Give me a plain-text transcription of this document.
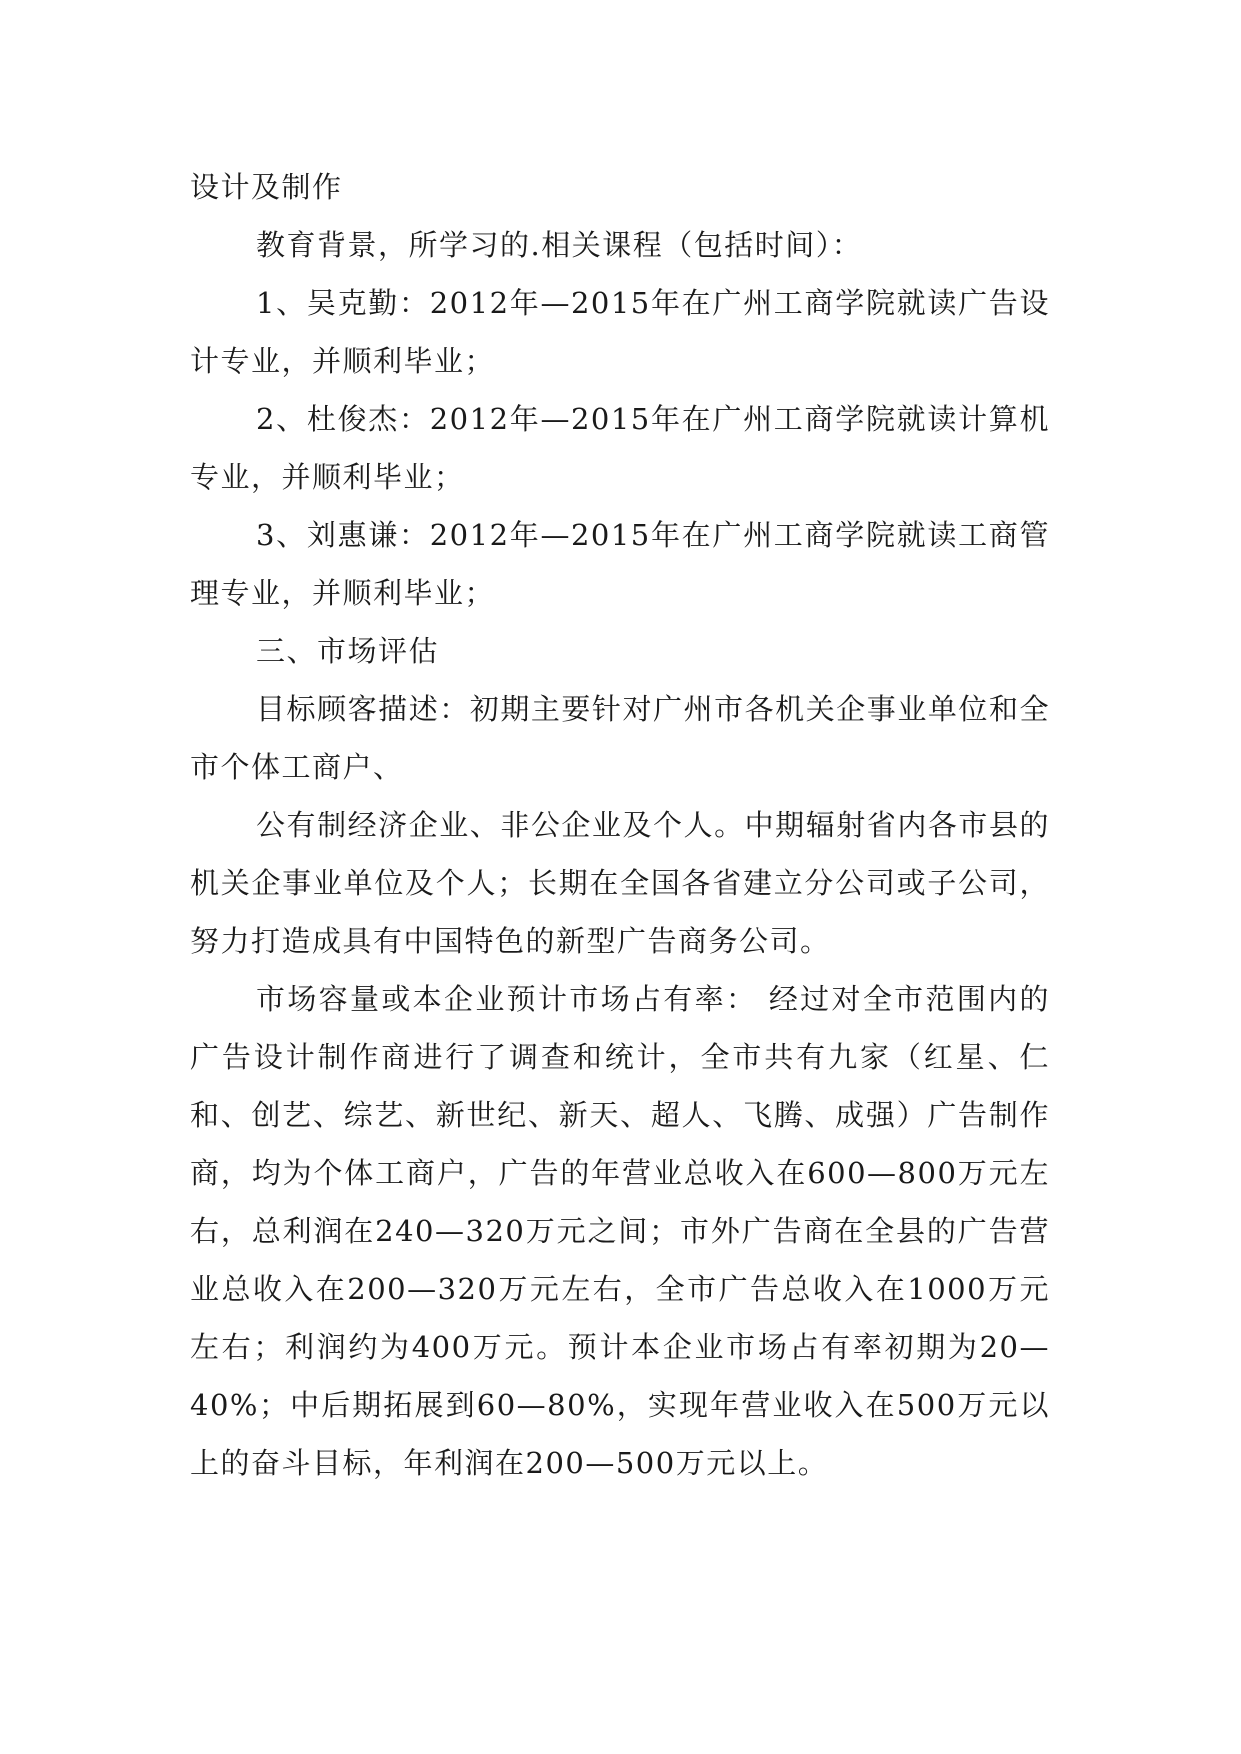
设计及制作

教育背景，所学习的.相关课程（包括时间）：

1、吴克勤：2012年—2015年在广州工商学院就读广告设计专业，并顺利毕业；

2、杜俊杰：2012年—2015年在广州工商学院就读计算机专业，并顺利毕业；

3、刘惠谦：2012年—2015年在广州工商学院就读工商管理专业，并顺利毕业；

三、市场评估

目标顾客描述：初期主要针对广州市各机关企事业单位和全市个体工商户、

公有制经济企业、非公企业及个人。中期辐射省内各市县的机关企事业单位及个人；长期在全国各省建立分公司或子公司，努力打造成具有中国特色的新型广告商务公司。

市场容量或本企业预计市场占有率： 经过对全市范围内的广告设计制作商进行了调查和统计，全市共有九家（红星、仁和、创艺、综艺、新世纪、新天、超人、飞腾、成强）广告制作商，均为个体工商户，广告的年营业总收入在600—800万元左右，总利润在240—320万元之间；市外广告商在全县的广告营业总收入在200—320万元左右，全市广告总收入在1000万元左右；利润约为400万元。预计本企业市场占有率初期为20—40%；中后期拓展到60—80%，实现年营业收入在500万元以上的奋斗目标，年利润在200—500万元以上。
